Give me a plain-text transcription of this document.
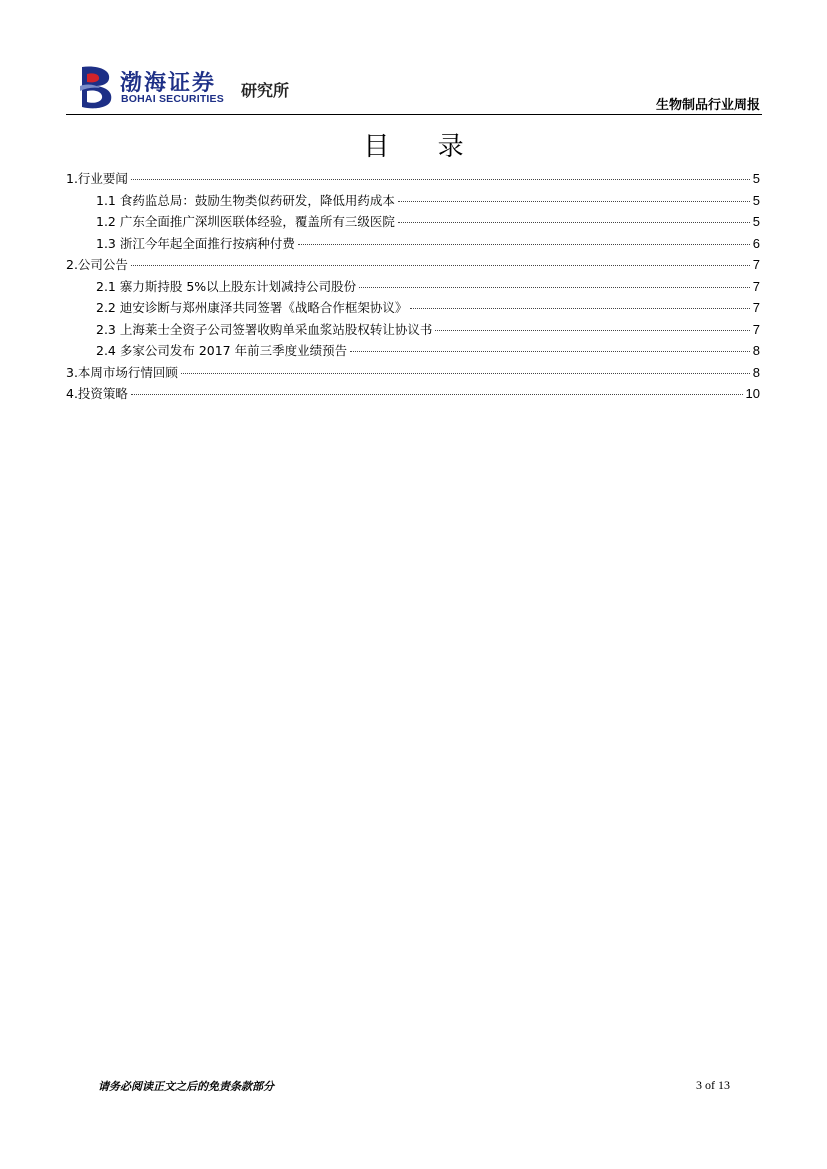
渤海证券
BOHAI SECURITIES 研究所
生物制品行业周报
目 录
1.行业要闻	5
1.1 食药监总局：鼓励生物类似药研发，降低用药成本	5
1.2 广东全面推广深圳医联体经验，覆盖所有三级医院	5
1.3 浙江今年起全面推行按病种付费	6
2.公司公告	7
2.1 寨力斯持股 5%以上股东计划减持公司股份	7
2.2 迪安诊断与郑州康泽共同签署《战略合作框架协议》	7
2.3 上海莱士全资子公司签署收购单采血浆站股权转让协议书	7
2.4 多家公司发布 2017 年前三季度业绩预告	8
3.本周市场行情回顾	8
4.投资策略	10
请务必阅读正文之后的免责条款部分	3 of 13
